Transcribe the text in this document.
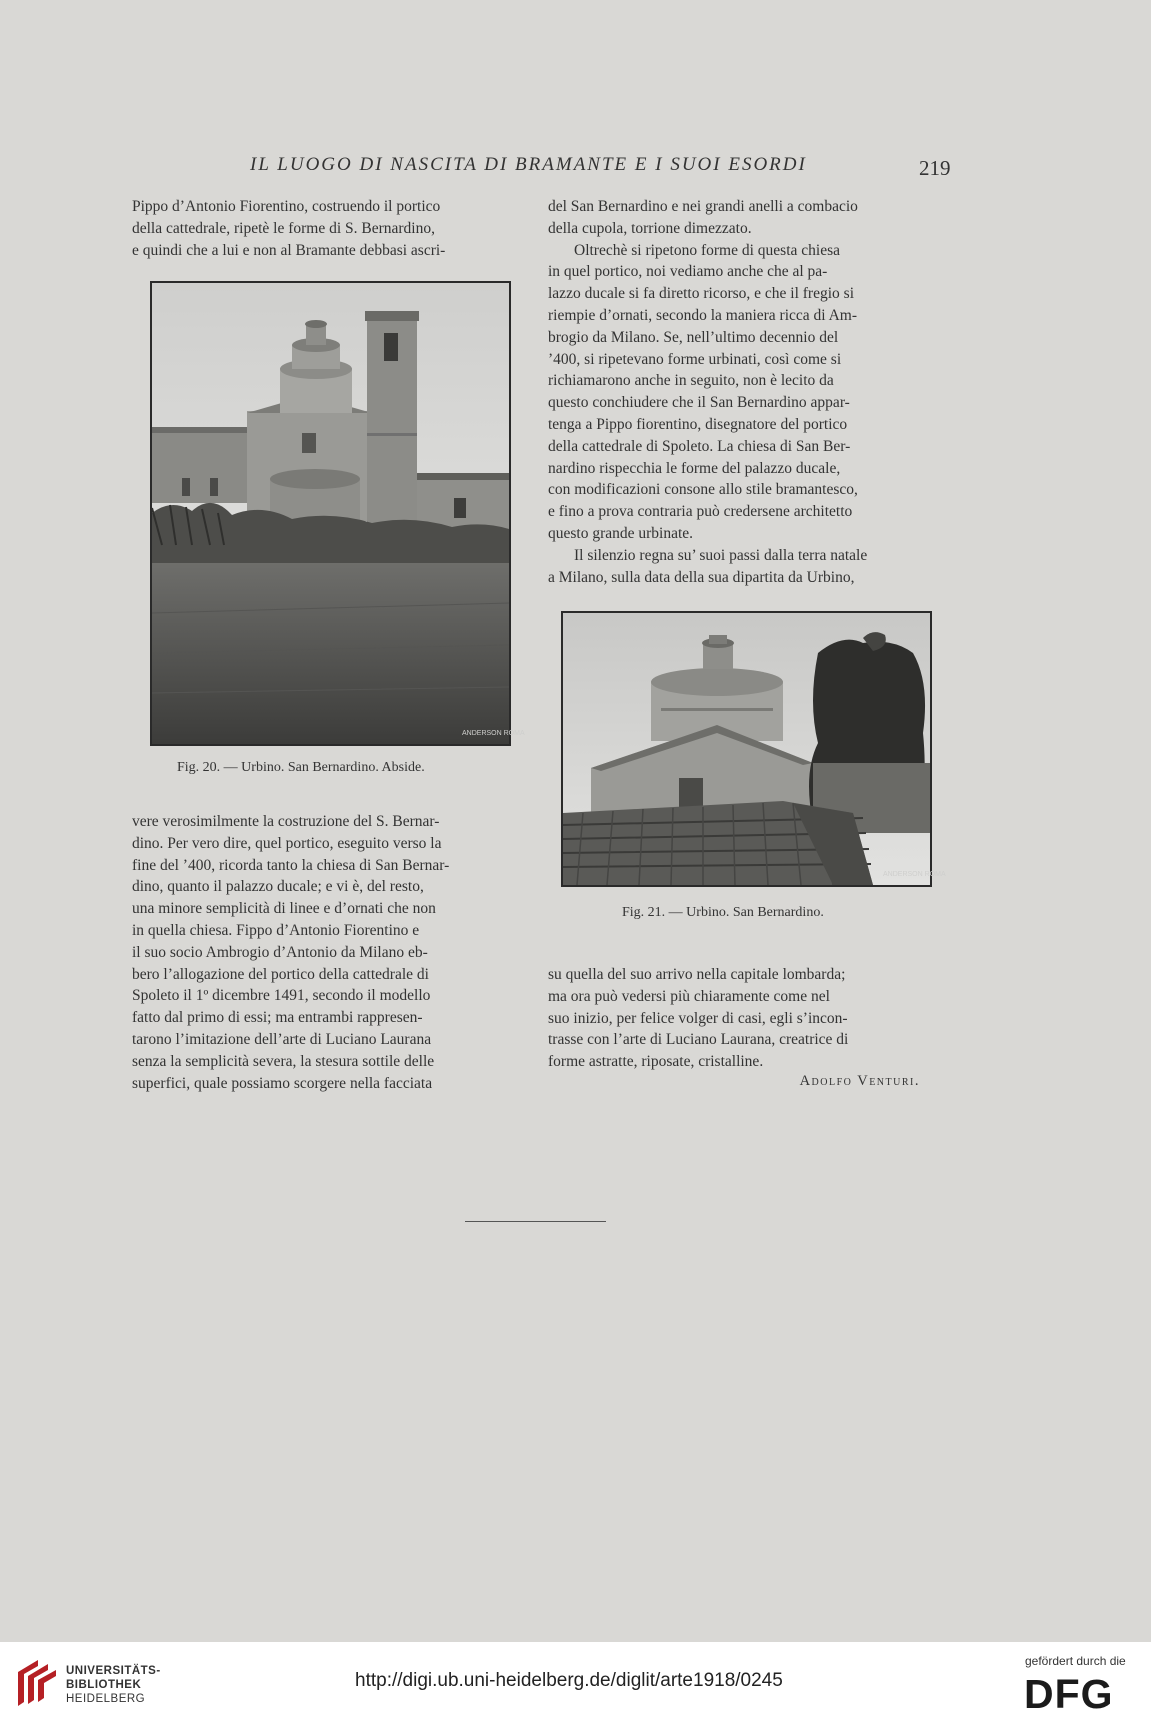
IL LUOGO DI NASCITA DI BRAMANTE E I SUOI ESORDI	219

Pippo d’Antonio Fiorentino, costruendo il portico

della cattedrale, ripetè le forme di S. Bernardino,

e quindi che a lui e non al Bramante debbasi ascri-

del San Bernardino e nei grandi anelli a combacio

della cupola, torrione dimezzato.

Oltrechè si ripetono forme di questa chiesa

in quel portico, noi vediamo anche che al pa-

lazzo ducale si fa diretto ricorso, e che il fregio si

riempie d’ornati, secondo la maniera ricca di Am-

brogio da Milano. Se, nell’ultimo decennio del

’400, si ripetevano forme urbinati, così come si

richiamarono anche in seguito, non è lecito da

questo conchiudere che il San Bernardino appar-

tenga a Pippo fiorentino, disegnatore del portico

della cattedrale di Spoleto. La chiesa di San Ber-

nardino rispecchia le forme del palazzo ducale,

con modificazioni consone allo stile bramantesco,

e fino a prova contraria può credersene architetto

questo grande urbinate.

Il silenzio regna su’ suoi passi dalla terra natale

a Milano, sulla data della sua dipartita da Urbino,

ANDERSON ROMA
Fig. 20. — Urbino. San Bernardino. Abside.
ANDERSON ROMA
Fig. 21. — Urbino. San Bernardino.

vere verosimilmente la costruzione del S. Bernar-

dino. Per vero dire, quel portico, eseguito verso la

fine del ’400, ricorda tanto la chiesa di San Bernar-

dino, quanto il palazzo ducale; e vi è, del resto,

una minore semplicità di linee e d’ornati che non

in quella chiesa. Fippo d’Antonio Fiorentino e

il suo socio Ambrogio d’Antonio da Milano eb-

bero l’allogazione del portico della cattedrale di

Spoleto il 1º dicembre 1491, secondo il modello

fatto dal primo di essi; ma entrambi rappresen-

tarono l’imitazione dell’arte di Luciano Laurana

senza la semplicità severa, la stesura sottile delle

superfici, quale possiamo scorgere nella facciata

su quella del suo arrivo nella capitale lombarda;

ma ora può vedersi più chiaramente come nel

suo inizio, per felice volger di casi, egli s’incon-

trasse con l’arte di Luciano Laurana, creatrice di

forme astratte, riposate, cristalline.

Adolfo Venturi.
UNIVERSITÄTS-
BIBLIOTHEK
HEIDELBERG
http://digi.ub.uni-heidelberg.de/diglit/arte1918/0245
gefördert durch die
DFG
